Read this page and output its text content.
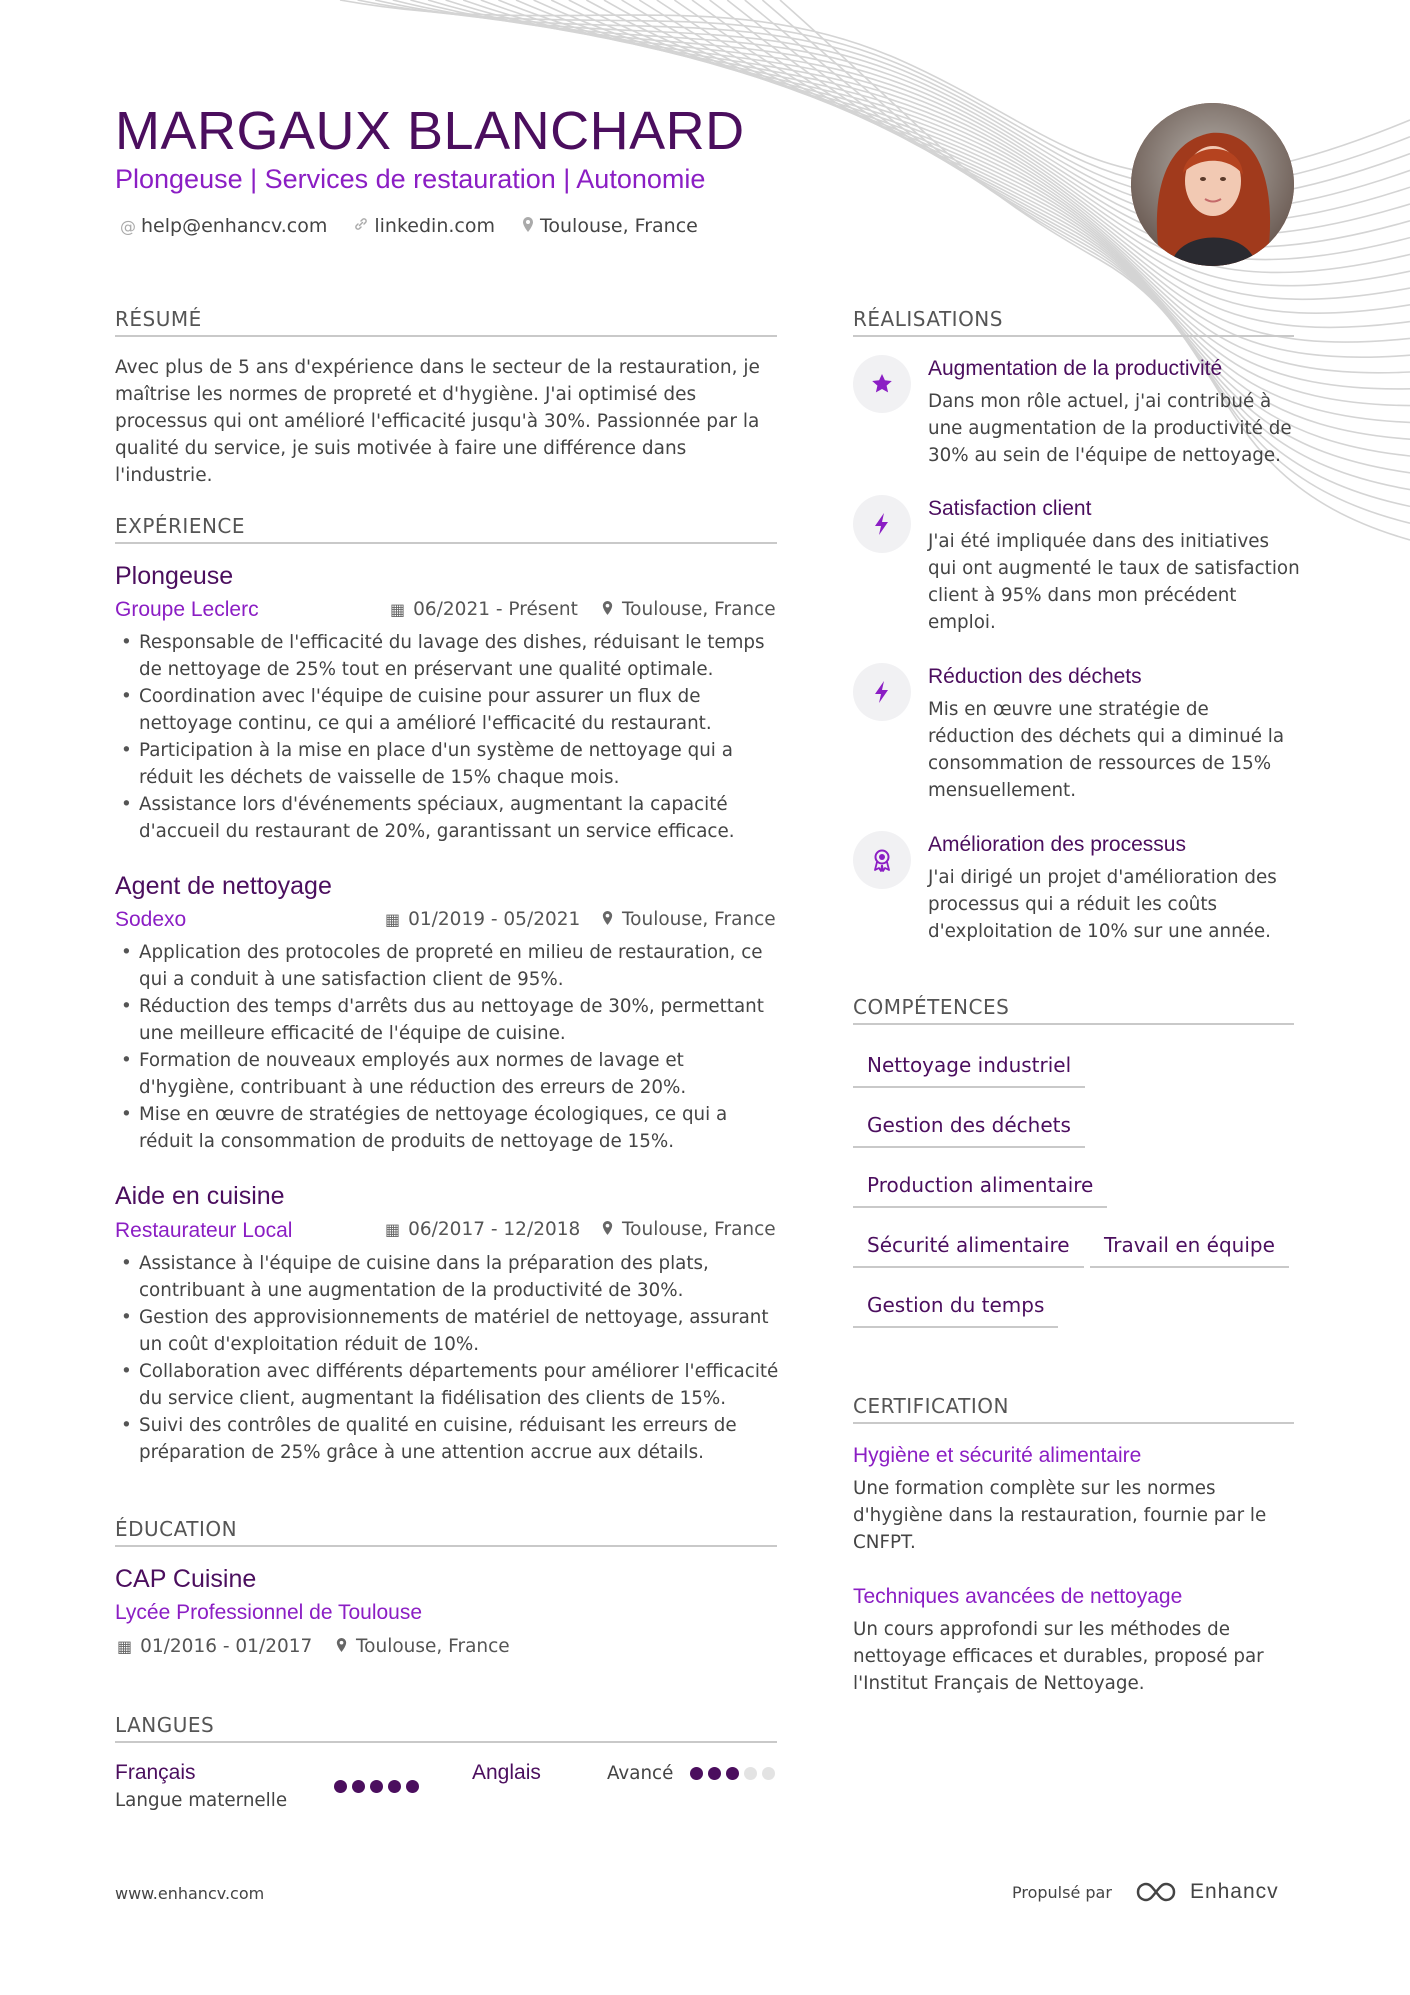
MARGAUX BLANCHARD
Plongeuse | Services de restauration | Autonomie
@ help@enhancv.com linkedin.com Toulouse, France
RÉSUMÉ
Avec plus de 5 ans d'expérience dans le secteur de la restauration, je maîtrise les normes de propreté et d'hygiène. J'ai optimisé des processus qui ont amélioré l'efficacité jusqu'à 30%. Passionnée par la qualité du service, je suis motivée à faire une différence dans l'industrie.
EXPÉRIENCE
Plongeuse
Groupe Leclerc	▦ 06/2021 - Présent Toulouse, France
• Responsable de l'efficacité du lavage des dishes, réduisant le temps de nettoyage de 25% tout en préservant une qualité optimale.
• Coordination avec l'équipe de cuisine pour assurer un flux de nettoyage continu, ce qui a amélioré l'efficacité du restaurant.
• Participation à la mise en place d'un système de nettoyage qui a réduit les déchets de vaisselle de 15% chaque mois.
• Assistance lors d'événements spéciaux, augmentant la capacité d'accueil du restaurant de 20%, garantissant un service efficace.
Agent de nettoyage
Sodexo	▦ 01/2019 - 05/2021 Toulouse, France
• Application des protocoles de propreté en milieu de restauration, ce qui a conduit à une satisfaction client de 95%.
• Réduction des temps d'arrêts dus au nettoyage de 30%, permettant une meilleure efficacité de l'équipe de cuisine.
• Formation de nouveaux employés aux normes de lavage et d'hygiène, contribuant à une réduction des erreurs de 20%.
• Mise en œuvre de stratégies de nettoyage écologiques, ce qui a réduit la consommation de produits de nettoyage de 15%.
Aide en cuisine
Restaurateur Local	▦ 06/2017 - 12/2018 Toulouse, France
• Assistance à l'équipe de cuisine dans la préparation des plats, contribuant à une augmentation de la productivité de 30%.
• Gestion des approvisionnements de matériel de nettoyage, assurant un coût d'exploitation réduit de 10%.
• Collaboration avec différents départements pour améliorer l'efficacité du service client, augmentant la fidélisation des clients de 15%.
• Suivi des contrôles de qualité en cuisine, réduisant les erreurs de préparation de 25% grâce à une attention accrue aux détails.
ÉDUCATION
CAP Cuisine
Lycée Professionnel de Toulouse
▦ 01/2016 - 01/2017 Toulouse, France
LANGUES
Français
Langue maternelle
Anglais	Avancé
RÉALISATIONS
Augmentation de la productivité
Dans mon rôle actuel, j'ai contribué à une augmentation de la productivité de 30% au sein de l'équipe de nettoyage.
Satisfaction client
J'ai été impliquée dans des initiatives qui ont augmenté le taux de satisfaction client à 95% dans mon précédent emploi.
Réduction des déchets
Mis en œuvre une stratégie de réduction des déchets qui a diminué la consommation de ressources de 15% mensuellement.
Amélioration des processus
J'ai dirigé un projet d'amélioration des processus qui a réduit les coûts d'exploitation de 10% sur une année.
COMPÉTENCES
Nettoyage industriel
Gestion des déchets
Production alimentaire
Sécurité alimentaire	Travail en équipe
Gestion du temps
CERTIFICATION
Hygiène et sécurité alimentaire
Une formation complète sur les normes d'hygiène dans la restauration, fournie par le CNFPT.
Techniques avancées de nettoyage
Un cours approfondi sur les méthodes de nettoyage efficaces et durables, proposé par l'Institut Français de Nettoyage.
www.enhancv.com	Propulsé par	Enhancv
